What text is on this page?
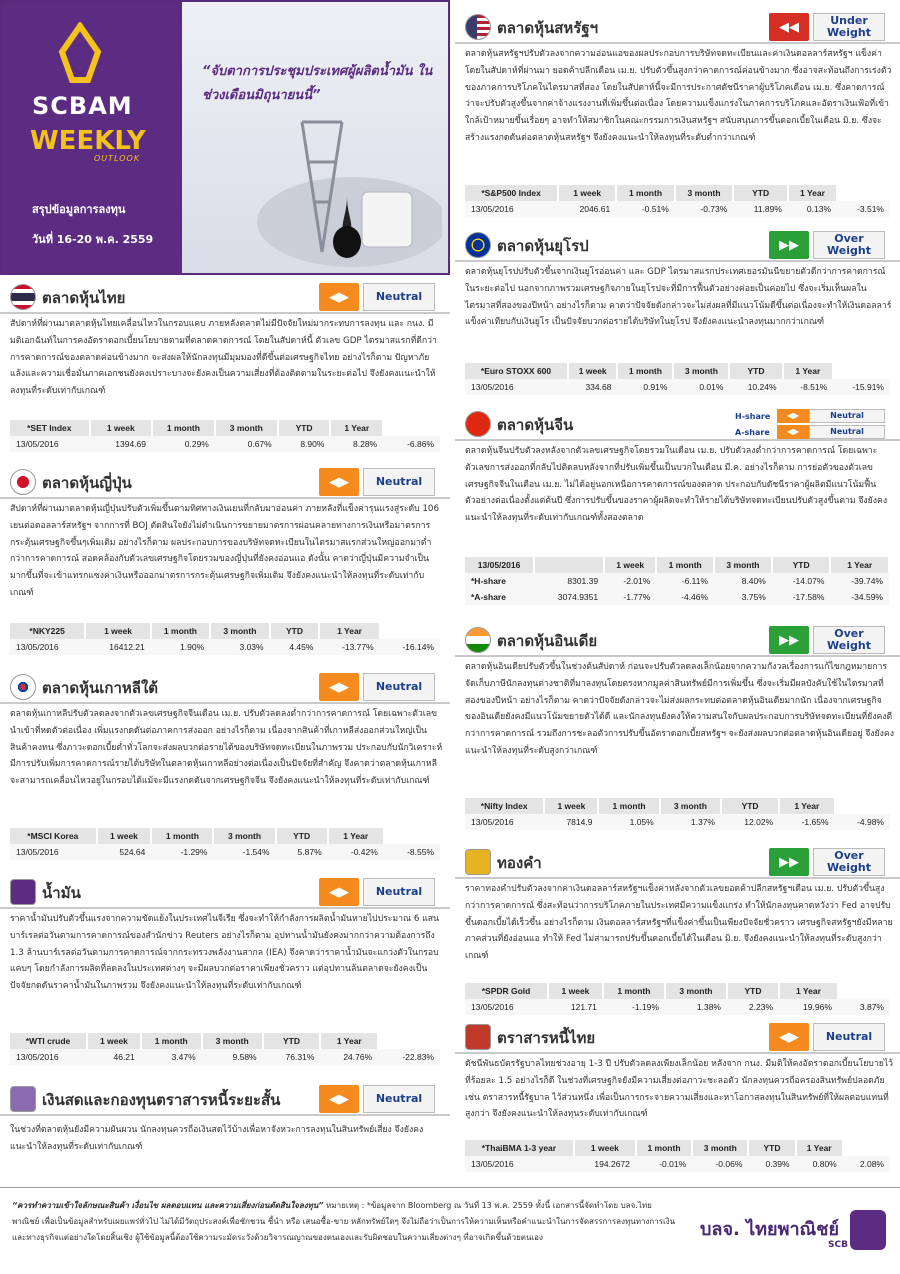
SCBAM
WEEKLY
OUTLOOK
สรุปข้อมูลการลงทุน
วันที่ 16-20 พ.ค. 2559
“จับตาการประชุมประเทศผู้ผลิตน้ำมัน ในช่วงเดือนมิถุนายนนี้”
ตลาดหุ้นไทย	◀▶	Neutral
สัปดาห์ที่ผ่านมาตลาดหุ้นไทยเคลื่อนไหวในกรอบแคบ ภายหลังตลาดไม่มีปัจจัยใหม่มากระทบการลงทุน และ กนง. มีมติเอกฉันท์ในการคงอัตราดอกเบี้ยนโยบายตามที่ตลาดคาดการณ์ โดยในสัปดาห์นี้ ตัวเลข GDP ไตรมาสแรกที่ดีกว่าการคาดการณ์ของตลาดค่อนข้างมาก จะส่งผลให้นักลงทุนมีมุมมองที่ดีขึ้นต่อเศรษฐกิจไทย อย่างไรก็ตาม ปัญหาภัยแล้งและความเชื่อมั่นภาคเอกชนยังคงเปราะบางจะยังคงเป็นความเสี่ยงที่ต้องติดตามในระยะต่อไป จึงยังคงแนะนำให้ลงทุนที่ระดับเท่ากับเกณฑ์
*SET Index	1 week	1 month	3 month	YTD	1 Year	
13/05/2016	1394.69	0.29%	0.67%	8.90%	8.28%	-6.86%
ตลาดหุ้นญี่ปุ่น	◀▶	Neutral
สัปดาห์ที่ผ่านมาตลาดหุ้นญี่ปุ่นปรับตัวเพิ่มขึ้นตามทิศทางเงินเยนที่กลับมาอ่อนค่า ภายหลังที่แข็งค่ารุนแรงสู่ระดับ 106 เยนต่อดอลลาร์สหรัฐฯ จากการที่ BOJ ตัดสินใจยังไม่ดำเนินการขยายมาตรการผ่อนคลายทางการเงินหรือมาตรการกระตุ้นเศรษฐกิจขึ้นๆเพิ่มเติม อย่างไรก็ตาม ผลประกอบการของบริษัทจดทะเบียนในไตรมาสแรกส่วนใหญ่ออกมาต่ำกว่าการคาดการณ์ สอดคล้องกับตัวเลขเศรษฐกิจโดยรวมของญี่ปุ่นที่ยังคงอ่อนแอ ดังนั้น คาดว่าญี่ปุ่นมีความจำเป็นมากขึ้นที่จะเข้าแทรกแซงค่าเงินหรือออกมาตรการกระตุ้นเศรษฐกิจเพิ่มเติม จึงยังคงแนะนำให้ลงทุนที่ระดับเท่ากับเกณฑ์
*NKY225	1 week	1 month	3 month	YTD	1 Year	
13/05/2016	16412.21	1.90%	3.03%	4.45%	-13.77%	-16.14%
ตลาดหุ้นเกาหลีใต้	◀▶	Neutral
ตลาดหุ้นเกาหลีปรับตัวลดลงจากตัวเลขเศรษฐกิจจีนเดือน เม.ย. ปรับตัวลดลงต่ำกว่าการคาดการณ์ โดยเฉพาะตัวเลขนำเข้าที่หดตัวต่อเนื่อง เพิ่มแรงกดดันต่อภาคการส่งออก อย่างไรก็ตาม เนื่องจากสินค้าที่เกาหลีส่งออกส่วนใหญ่เป็นสินค้าคงทน ซึ่งภาวะดอกเบี้ยต่ำทั่วโลกจะส่งผลบวกต่อรายได้ของบริษัทจดทะเบียนในภาพรวม ประกอบกับนักวิเคราะห์มีการปรับเพิ่มการคาดการณ์รายได้บริษัทในตลาดหุ้นเกาหลีอย่างต่อเนื่องเป็นปัจจัยที่สำคัญ จึงคาดว่าตลาดหุ้นเกาหลีจะสามารถเคลื่อนไหวอยู่ในกรอบได้แม้จะมีแรงกดดันจากเศรษฐกิจจีน จึงยังคงแนะนำให้ลงทุนที่ระดับเท่ากับเกณฑ์
*MSCI Korea	1 week	1 month	3 month	YTD	1 Year	
13/05/2016	524.64	-1.29%	-1.54%	5.87%	-0.42%	-8.55%
น้ำมัน	◀▶	Neutral
ราคาน้ำมันปรับตัวขึ้นแรงจากความขัดแย้งในประเทศไนจีเรีย ซึ่งจะทำให้กำลังการผลิตน้ำมันหายไปประมาณ 6 แสนบาร์เรลต่อวันตามการคาดการณ์ของสำนักข่าว Reuters อย่างไรก็ตาม อุปทานน้ำมันยังคงมากกว่าความต้องการถึง 1.3 ล้านบาร์เรลต่อวันตามการคาดการณ์จากกระทรวงพลังงานสากล (IEA) จึงคาดว่าราคาน้ำมันจะแกว่งตัวในกรอบแคบๆ โดยกำลังการผลิตที่ลดลงในประเทศต่างๆ จะมีผลบวกต่อราคาเพียงชั่วคราว แต่อุปทานล้นตลาดจะยังคงเป็นปัจจัยกดดันราคาน้ำมันในภาพรวม จึงยังคงแนะนำให้ลงทุนที่ระดับเท่ากับเกณฑ์
*WTI crude	1 week	1 month	3 month	YTD	1 Year	
13/05/2016	46.21	3.47%	9.58%	76.31%	24.76%	-22.83%
เงินสดและกองทุนตราสารหนี้ระยะสั้น	◀▶	Neutral
ในช่วงที่ตลาดหุ้นยังมีความผันผวน นักลงทุนควรถือเงินสดไว้บ้างเพื่อหาจังหวะการลงทุนในสินทรัพย์เสี่ยง จึงยังคงแนะนำให้ลงทุนที่ระดับเท่ากับเกณฑ์
ตลาดหุ้นสหรัฐฯ	◀◀	Under Weight
ตลาดหุ้นสหรัฐฯปรับตัวลงจากความอ่อนแอของผลประกอบการบริษัทจดทะเบียนและค่าเงินดอลลาร์สหรัฐฯ แข็งค่า โดยในสัปดาห์ที่ผ่านมา ยอดค้าปลีกเดือน เม.ย. ปรับตัวขึ้นสูงกว่าคาดการณ์ค่อนข้างมาก ซึ่งอาจสะท้อนถึงการเร่งตัวของภาคการบริโภคในไตรมาสที่สอง โดยในสัปดาห์นี้จะมีการประกาศดัชนีราคาผู้บริโภคเดือน เม.ย. ซึ่งคาดการณ์ว่าจะปรับตัวสูงขึ้นจากค่าจ้างแรงงานที่เพิ่มขึ้นต่อเนื่อง โดยความแข็งแกร่งในภาคการบริโภคและอัตราเงินเฟ้อที่เข้าใกล้เป้าหมายขึ้นเรื่อยๆ อาจทำให้สมาชิกในคณะกรรมการเงินสหรัฐฯ สนับสนุนการขึ้นดอกเบี้ยในเดือน มิ.ย. ซึ่งจะสร้างแรงกดดันต่อตลาดหุ้นสหรัฐฯ จึงยังคงแนะนำให้ลงทุนที่ระดับต่ำกว่าเกณฑ์
*S&P500 Index	1 week	1 month	3 month	YTD	1 Year	
13/05/2016	2046.61	-0.51%	-0.73%	11.89%	0.13%	-3.51%
ตลาดหุ้นยุโรป	▶▶	Over Weight
ตลาดหุ้นยุโรปปรับตัวขึ้นจากเงินยูโรอ่อนค่า และ GDP ไตรมาสแรกประเทศเยอรมันนีขยายตัวดีกว่าการคาดการณ์ ในระยะต่อไป นอกจากภาพรวมเศรษฐกิจภายในยุโรปจะที่มีการฟื้นตัวอย่างค่อยเป็นค่อยไป ซึ่งจะเริ่มเห็นผลในไตรมาสที่สองของปีหน้า อย่างไรก็ตาม คาดว่าปัจจัยดังกล่าวจะไม่ส่งผลที่มีแนวโน้มดีขึ้นต่อเนื่องจะทำให้เงินดอลลาร์แข็งค่าเทียบกับเงินยูโร เป็นปัจจัยบวกต่อรายได้บริษัทในยุโรป จึงยังคงแนะนำลงทุนมากกว่าเกณฑ์
*Euro STOXX 600	1 week	1 month	3 month	YTD	1 Year	
13/05/2016	334.68	0.91%	0.01%	10.24%	-8.51%	-15.91%
ตลาดหุ้นจีน	H-share	◀▶	Neutral
A-share	◀▶	Neutral
ตลาดหุ้นจีนปรับตัวลงหลังจากตัวเลขเศรษฐกิจโดยรวมในเดือน เม.ย. ปรับตัวลงต่ำกว่าการคาดการณ์ โดยเฉพาะตัวเลขการส่งออกที่กลับไปติดลบหลังจากที่ปรับเพิ่มขึ้นเป็นบวกในเดือน มี.ค. อย่างไรก็ตาม การย่อตัวของตัวเลขเศรษฐกิจจีนในเดือน เม.ย. ไม่ได้อยู่นอกเหนือการคาดการณ์ของตลาด ประกอบกับดัชนีราคาผู้ผลิตมีแนวโน้มฟื้นตัวอย่างต่อเนื่องตั้งแต่ต้นปี ซึ่งการปรับขึ้นของราคาผู้ผลิตจะทำให้รายได้บริษัทจดทะเบียนปรับตัวสูงขึ้นตาม จึงยังคงแนะนำให้ลงทุนที่ระดับเท่ากับเกณฑ์ทั้งสองตลาด
13/05/2016		1 week	1 month	3 month	YTD	1 Year
*H-share	8301.39	-2.01%	-6.11%	8.40%	-14.07%	-39.74%
*A-share	3074.9351	-1.77%	-4.46%	3.75%	-17.58%	-34.59%
ตลาดหุ้นอินเดีย	▶▶	Over Weight
ตลาดหุ้นอินเดียปรับตัวขึ้นในช่วงต้นสัปดาห์ ก่อนจะปรับตัวลดลงเล็กน้อยจากความกังวลเรื่องการแก้ไขกฎหมายการจัดเก็บภาษีนักลงทุนต่างชาติที่มาลงทุนโดยตรงหากมูลค่าสินทรัพย์มีการเพิ่มขึ้น ซึ่งจะเริ่มมีผลบังคับใช้ในไตรมาสที่สองของปีหน้า อย่างไรก็ตาม คาดว่าปัจจัยดังกล่าวจะไม่ส่งผลกระทบต่อตลาดหุ้นอินเดียมากนัก เนื่องจากเศรษฐกิจของอินเดียยังคงมีแนวโน้มขยายตัวได้ดี และนักลงทุนยังคงให้ความสนใจกับผลประกอบการบริษัทจดทะเบียนที่ยังคงดีกว่าการคาดการณ์ รวมถึงการชะลอตัวการปรับขึ้นอัตราดอกเบี้ยสหรัฐฯ จะยังส่งผลบวกต่อตลาดหุ้นอินเดียอยู่ จึงยังคงแนะนำให้ลงทุนที่ระดับสูงกว่าเกณฑ์
*Nifty Index	1 week	1 month	3 month	YTD	1 Year	
13/05/2016	7814.9	1.05%	1.37%	12.02%	-1.65%	-4.98%
ทองคำ	▶▶	Over Weight
ราคาทองคำปรับตัวลงจากค่าเงินดอลลาร์สหรัฐฯแข็งค่าหลังจากตัวเลขยอดค้าปลีกสหรัฐฯเดือน เม.ย. ปรับตัวขึ้นสูงกว่าการคาดการณ์ ซึ่งสะท้อนว่าการบริโภคภายในประเทศมีความแข็งแกร่ง ทำให้นักลงทุนคาดหวังว่า Fed อาจปรับขึ้นดอกเบี้ยได้เร็วขึ้น อย่างไรก็ตาม เงินดอลลาร์สหรัฐฯที่แข็งค่าขึ้นเป็นเพียงปัจจัยชั่วคราว เศรษฐกิจสหรัฐฯยังมีหลายภาคส่วนที่ยังอ่อนแอ ทำให้ Fed ไม่สามารถปรับขึ้นดอกเบี้ยได้ในเดือน มิ.ย. จึงยังคงแนะนำให้ลงทุนที่ระดับสูงกว่าเกณฑ์
*SPDR Gold	1 week	1 month	3 month	YTD	1 Year	
13/05/2016	121.71	-1.19%	1.38%	2.23%	19.96%	3.87%
ตราสารหนี้ไทย	◀▶	Neutral
ดัชนีพันธบัตรรัฐบาลไทยช่วงอายุ 1-3 ปี ปรับตัวลดลงเพียงเล็กน้อย หลังจาก กนง. มีมติให้คงอัตราดอกเบี้ยนโยบายไว้ที่ร้อยละ 1.5 อย่างไรก็ดี ในช่วงที่เศรษฐกิจยังมีความเสี่ยงต่อภาวะชะลอตัว นักลงทุนควรถือครองสินทรัพย์ปลอดภัย เช่น ตราสารหนี้รัฐบาล ไว้ส่วนหนึ่ง เพื่อเป็นการกระจายความเสี่ยงและหาโอกาสลงทุนในสินทรัพย์ที่ให้ผลตอบแทนที่สูงกว่า จึงยังคงแนะนำให้ลงทุนระดับเท่ากับเกณฑ์
*ThaiBMA 1-3 year	1 week	1 month	3 month	YTD	1 Year	
13/05/2016	194.2672	-0.01%	-0.06%	0.39%	0.80%	2.08%
“ควรทำความเข้าใจลักษณะสินค้า เงื่อนไข ผลตอบแทน และความเสี่ยงก่อนตัดสินใจลงทุน” หมายเหตุ : *ข้อมูลจาก Bloomberg ณ วันที่ 13 พ.ค. 2559 ทั้งนี้ เอกสารนี้จัดทำโดย บลจ.ไทยพาณิชย์ เพื่อเป็นข้อมูลสำหรับเผยแพร่ทั่วไป ไม่ได้มีวัตถุประสงค์เพื่อชักชวน ชี้นำ หรือ เสนอซื้อ-ขาย หลักทรัพย์ใดๆ จึงไม่ถือว่าเป็นการให้ความเห็นหรือคำแนะนำในการจัดสรรการลงทุนทางการเงิน และทางธุรกิจแต่อย่างใดโดยสิ้นเชิง ผู้ใช้ข้อมูลนี้ต้องใช้ความระมัดระวังด้วยวิจารณญาณของตนเองและรับผิดชอบในความเสี่ยงต่างๆ ที่อาจเกิดขึ้นด้วยตนเอง	บลจ. ไทยพาณิชย์
SCB
